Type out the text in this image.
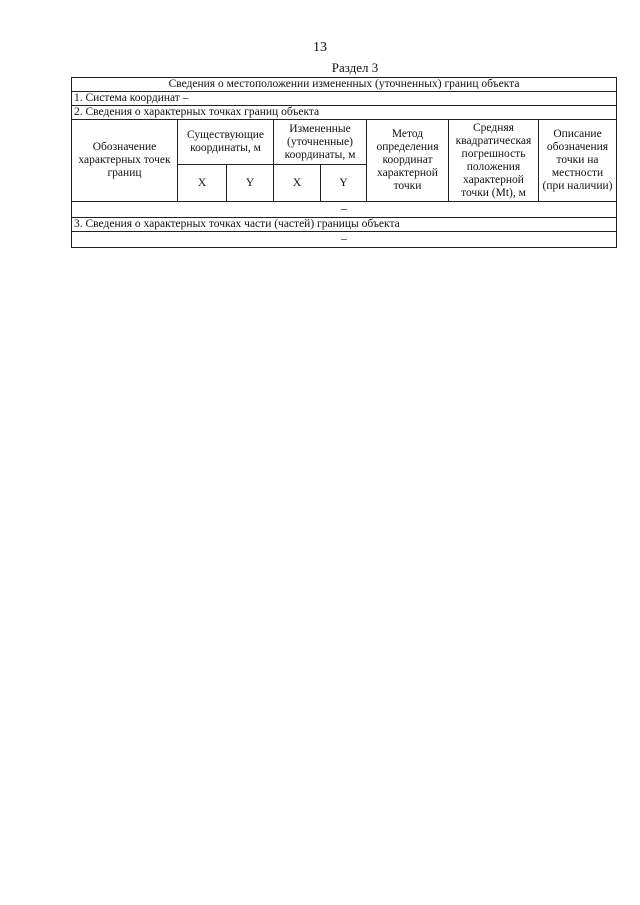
13
Раздел 3
Сведения о местоположении измененных (уточненных) границ объекта							
1. Система координат –							
2. Сведения о характерных точках границ объекта							
Обозначение характерных точек границ	Существующие координаты, м		Измененные (уточненные) координаты, м		Метод определения координат характерной точки	Средняя квадратическая погрешность положения характерной точки (Mt), м	Описание обозначения точки на местности (при наличии)
	X	Y	X	Y			
–							
3. Сведения о характерных точках части (частей) границы объекта							
–							
